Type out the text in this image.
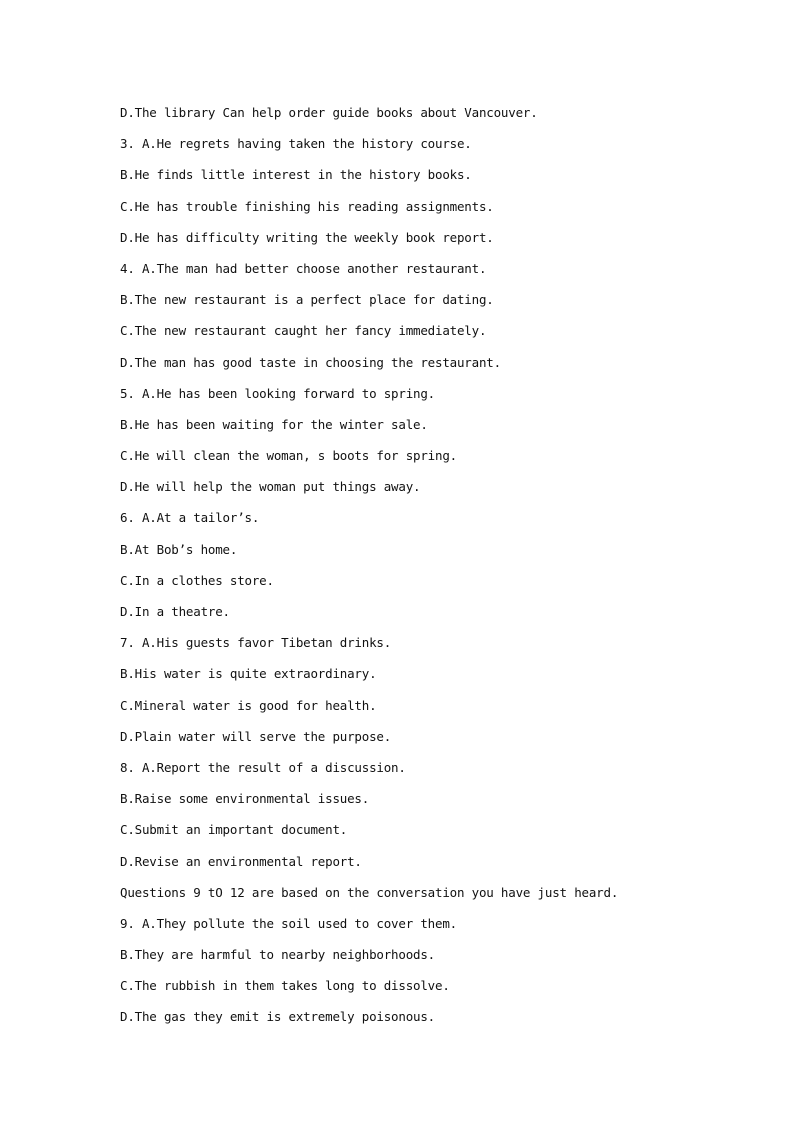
D.The library Can help order guide books about Vancouver.
3. A.He regrets having taken the history course.
B.He finds little interest in the history books.
C.He has trouble finishing his reading assignments.
D.He has difficulty writing the weekly book report.
4. A.The man had better choose another restaurant.
B.The new restaurant is a perfect place for dating.
C.The new restaurant caught her fancy immediately.
D.The man has good taste in choosing the restaurant.
5. A.He has been looking forward to spring.
B.He has been waiting for the winter sale.
C.He will clean the woman, s boots for spring.
D.He will help the woman put things away.
6. A.At a tailor’s.
B.At Bob’s home.
C.In a clothes store.
D.In a theatre.
7. A.His guests favor Tibetan drinks.
B.His water is quite extraordinary.
C.Mineral water is good for health.
D.Plain water will serve the purpose.
8. A.Report the result of a discussion.
B.Raise some environmental issues.
C.Submit an important document.
D.Revise an environmental report.
Questions 9 tO 12 are based on the conversation you have just heard.
9. A.They pollute the soil used to cover them.
B.They are harmful to nearby neighborhoods.
C.The rubbish in them takes long to dissolve.
D.The gas they emit is extremely poisonous.
